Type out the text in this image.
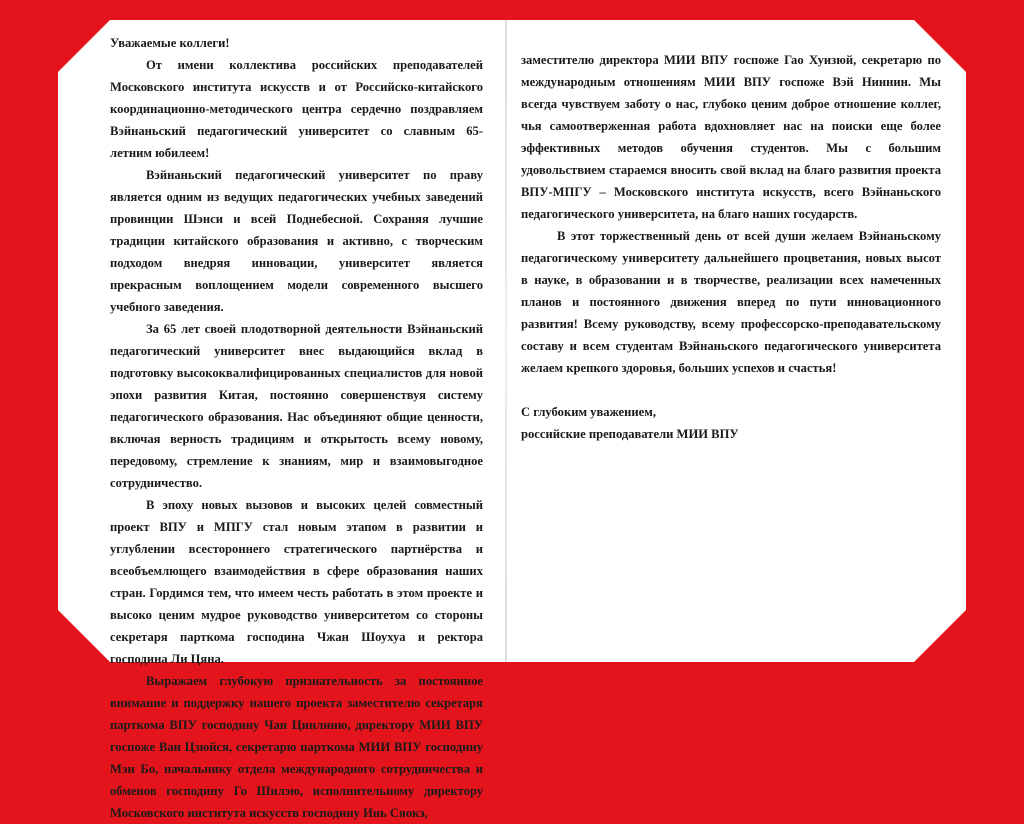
Уважаемые коллеги!

От имени коллектива российских преподавателей Московского института искусств и от Российско-китайского координационно-методического центра сердечно поздравляем Вэйнаньский педагогический университет со славным 65-летним юбилеем!

Вэйнаньский педагогический университет по праву является одним из ведущих педагогических учебных заведений провинции Шэнси и всей Поднебесной. Сохраняя лучшие традиции китайского образования и активно, с творческим подходом внедряя инновации, университет является прекрасным воплощением модели современного высшего учебного заведения.

За 65 лет своей плодотворной деятельности Вэйнаньский педагогический университет внес выдающийся вклад в подготовку высококвалифицированных специалистов для новой эпохи развития Китая, постоянно совершенствуя систему педагогического образования. Нас объединяют общие ценности, включая верность традициям и открытость всему новому, передовому, стремление к знаниям, мир и взаимовыгодное сотрудничество.

В эпоху новых вызовов и высоких целей совместный проект ВПУ и МПГУ стал новым этапом в развитии и углублении всестороннего стратегического партнёрства и всеобъемлющего взаимодействия в сфере образования наших стран. Гордимся тем, что имеем честь работать в этом проекте и высоко ценим мудрое руководство университетом со стороны секретаря парткома господина Чжан Шоухуа и ректора господина Ли Цяна.

Выражаем глубокую признательность за постоянное внимание и поддержку нашего проекта заместителю секретаря парткома ВПУ господину Чан Цинлиню, директору МИИ ВПУ госпоже Ван Цзюйся, секретарю парткома МИИ ВПУ господину Мэн Бо, начальнику отдела международного сотрудничества и обменов господину Го Шилэю, исполнительному директору Московского института искусств господину Инь Сяокэ,

заместителю директора МИИ ВПУ госпоже Гао Хуизюй, секретарю по международным отношениям МИИ ВПУ госпоже Вэй Ниннин. Мы всегда чувствуем заботу о нас, глубоко ценим доброе отношение коллег, чья самоотверженная работа вдохновляет нас на поиски еще более эффективных методов обучения студентов. Мы с большим удовольствием стараемся вносить свой вклад на благо развития проекта ВПУ-МПГУ – Московского института искусств, всего Вэйнаньского педагогического университета, на благо наших государств.

В этот торжественный день от всей души желаем Вэйнаньскому педагогическому университету дальнейшего процветания, новых высот в науке, в образовании и в творчестве, реализации всех намеченных планов и постоянного движения вперед по пути инновационного развития! Всему руководству, всему профессорско-преподавательскому составу и всем студентам Вэйнаньского педагогического университета желаем крепкого здоровья, больших успехов и счастья!

С глубоким уважением,

российские преподаватели МИИ ВПУ
